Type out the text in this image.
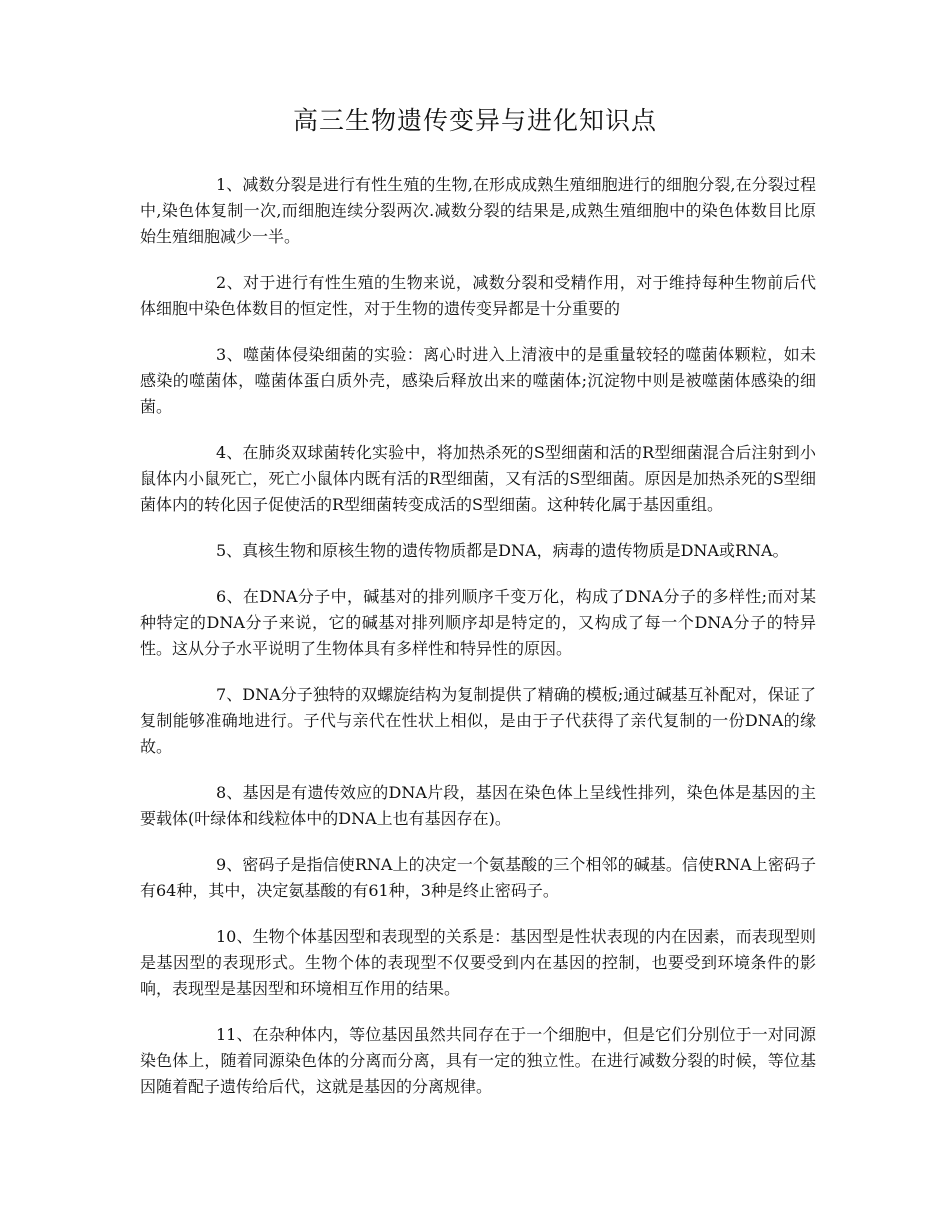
高三生物遗传变异与进化知识点

1、减数分裂是进行有性生殖的生物,在形成成熟生殖细胞进行的细胞分裂,在分裂过程中,染色体复制一次,而细胞连续分裂两次.减数分裂的结果是,成熟生殖细胞中的染色体数目比原始生殖细胞减少一半。

2、对于进行有性生殖的生物来说，减数分裂和受精作用，对于维持每种生物前后代体细胞中染色体数目的恒定性，对于生物的遗传变异都是十分重要的

3、噬菌体侵染细菌的实验：离心时进入上清液中的是重量较轻的噬菌体颗粒，如未感染的噬菌体，噬菌体蛋白质外壳，感染后释放出来的噬菌体;沉淀物中则是被噬菌体感染的细菌。

4、在肺炎双球菌转化实验中，将加热杀死的S型细菌和活的R型细菌混合后注射到小鼠体内小鼠死亡，死亡小鼠体内既有活的R型细菌，又有活的S型细菌。原因是加热杀死的S型细菌体内的转化因子促使活的R型细菌转变成活的S型细菌。这种转化属于基因重组。

5、真核生物和原核生物的遗传物质都是DNA，病毒的遗传物质是DNA或RNA。

6、在DNA分子中，碱基对的排列顺序千变万化，构成了DNA分子的多样性;而对某种特定的DNA分子来说，它的碱基对排列顺序却是特定的，又构成了每一个DNA分子的特异性。这从分子水平说明了生物体具有多样性和特异性的原因。

7、DNA分子独特的双螺旋结构为复制提供了精确的模板;通过碱基互补配对，保证了复制能够准确地进行。子代与亲代在性状上相似，是由于子代获得了亲代复制的一份DNA的缘故。

8、基因是有遗传效应的DNA片段，基因在染色体上呈线性排列，染色体是基因的主要载体(叶绿体和线粒体中的DNA上也有基因存在)。

9、密码子是指信使RNA上的决定一个氨基酸的三个相邻的碱基。信使RNA上密码子有64种，其中，决定氨基酸的有61种，3种是终止密码子。

10、生物个体基因型和表现型的关系是：基因型是性状表现的内在因素，而表现型则是基因型的表现形式。生物个体的表现型不仅要受到内在基因的控制，也要受到环境条件的影响，表现型是基因型和环境相互作用的结果。

11、在杂种体内，等位基因虽然共同存在于一个细胞中，但是它们分别位于一对同源染色体上，随着同源染色体的分离而分离，具有一定的独立性。在进行减数分裂的时候，等位基因随着配子遗传给后代，这就是基因的分离规律。
